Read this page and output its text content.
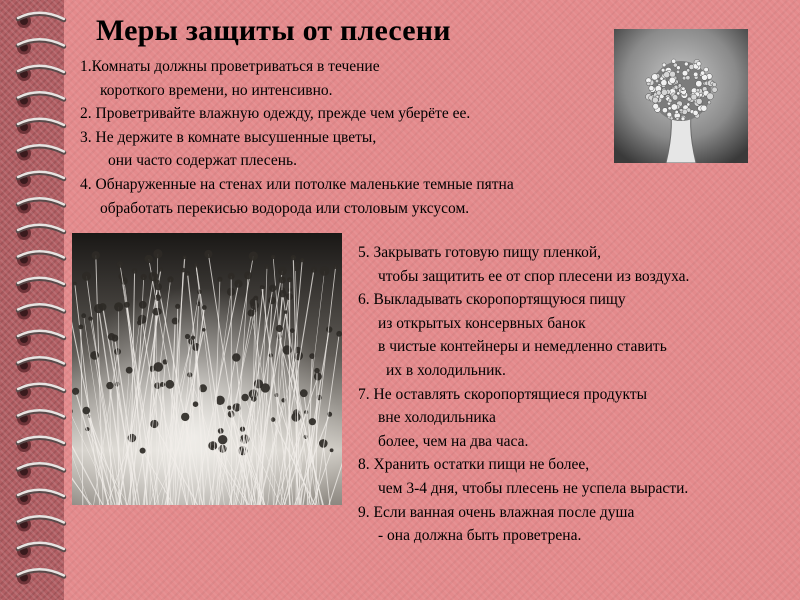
Меры защиты от плесени

1.Комнаты должны проветриваться в течение

короткого времени, но интенсивно.

2. Проветривайте влажную одежду, прежде чем уберёте ее.

3. Не держите в комнате высушенные цветы,

они часто содержат плесень.

4. Обнаруженные на стенах или потолке маленькие темные пятна

обработать перекисью водорода или столовым уксусом.

5. Закрывать готовую пищу пленкой,

чтобы защитить ее от спор плесени из воздуха.

6. Выкладывать скоропортящуюся пищу

из открытых консервных банок

в чистые контейнеры и немедленно ставить

их в холодильник.

7. Не оставлять скоропортящиеся продукты

вне холодильника

более, чем на два часа.

8. Хранить остатки пищи не более,

чем 3-4 дня, чтобы плесень не успела вырасти.

9. Если ванная очень влажная после душа

- она должна быть проветрена.
